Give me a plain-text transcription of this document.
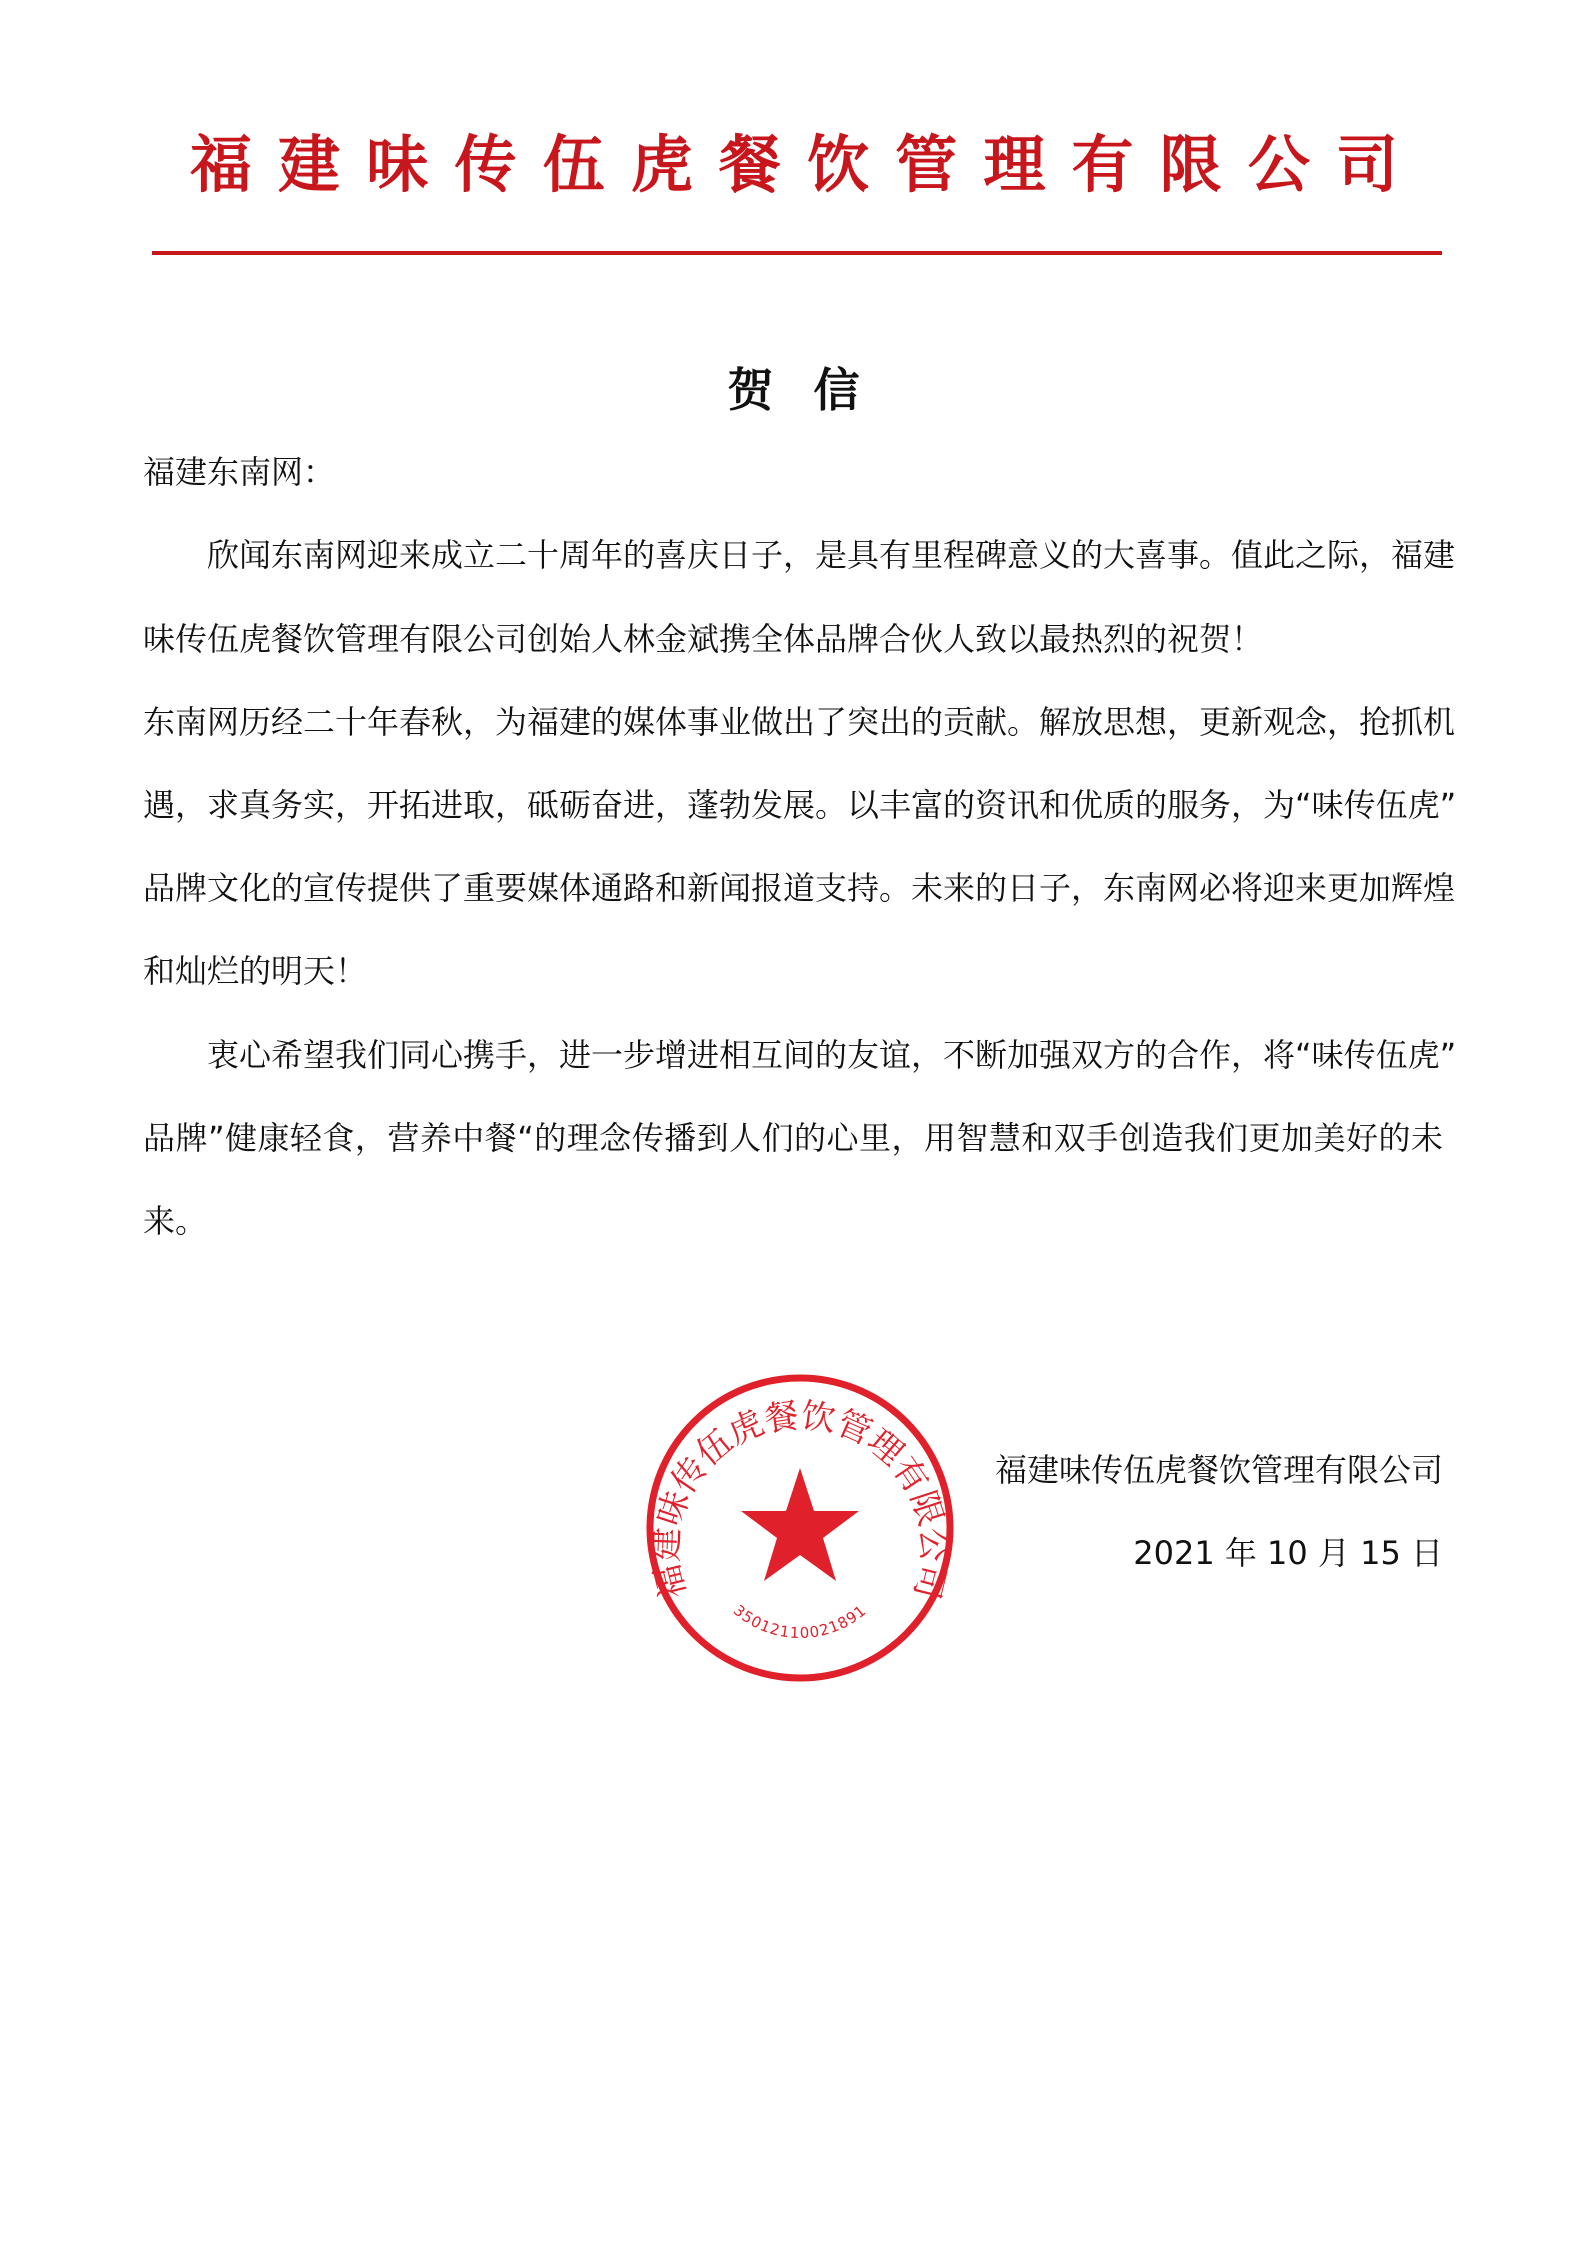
福建味传伍虎餐饮管理有限公司
贺信
福建东南网：
欣闻东南网迎来成立二十周年的喜庆日子，是具有里程碑意义的大喜事。值此之际，福建
味传伍虎餐饮管理有限公司创始人林金斌携全体品牌合伙人致以最热烈的祝贺！
东南网历经二十年春秋，为福建的媒体事业做出了突出的贡献。解放思想，更新观念，抢抓机
遇，求真务实，开拓进取，砥砺奋进，蓬勃发展。以丰富的资讯和优质的服务，为“味传伍虎”
品牌文化的宣传提供了重要媒体通路和新闻报道支持。未来的日子，东南网必将迎来更加辉煌
和灿烂的明天！
衷心希望我们同心携手，进一步增进相互间的友谊，不断加强双方的合作，将“味传伍虎”
品牌”健康轻食，营养中餐“的理念传播到人们的心里，用智慧和双手创造我们更加美好的未
来。
福建味传伍虎餐饮管理有限公司
35012110021891
福建味传伍虎餐饮管理有限公司
2021 年 10 月 15 日
